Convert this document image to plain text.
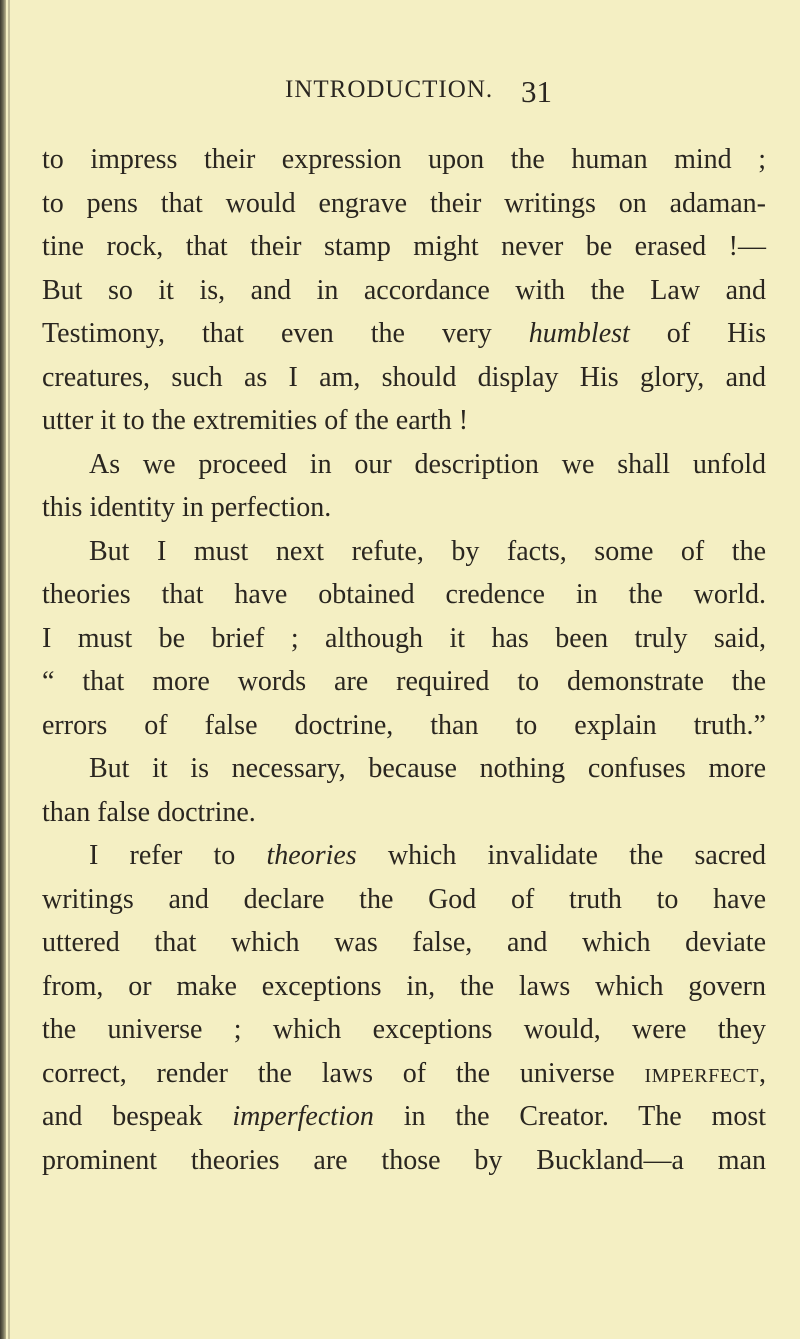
INTRODUCTION. 31
to impress their expression upon the human mind ;
to pens that would engrave their writings on adaman-
tine rock, that their stamp might never be erased !—
But so it is, and in accordance with the Law and
Testimony, that even the very humblest of His
creatures, such as I am, should display His glory, and
utter it to the extremities of the earth !
As we proceed in our description we shall unfold
this identity in perfection.
But I must next refute, by facts, some of the
theories that have obtained credence in the world.
I must be brief ; although it has been truly said,
“ that more words are required to demonstrate the
errors of false doctrine, than to explain truth.”
But it is necessary, because nothing confuses more
than false doctrine.
I refer to theories which invalidate the sacred
writings and declare the God of truth to have
uttered that which was false, and which deviate
from, or make exceptions in, the laws which govern
the universe ; which exceptions would, were they
correct, render the laws of the universe imperfect,
and bespeak imperfection in the Creator. The most
prominent theories are those by Buckland—a man
